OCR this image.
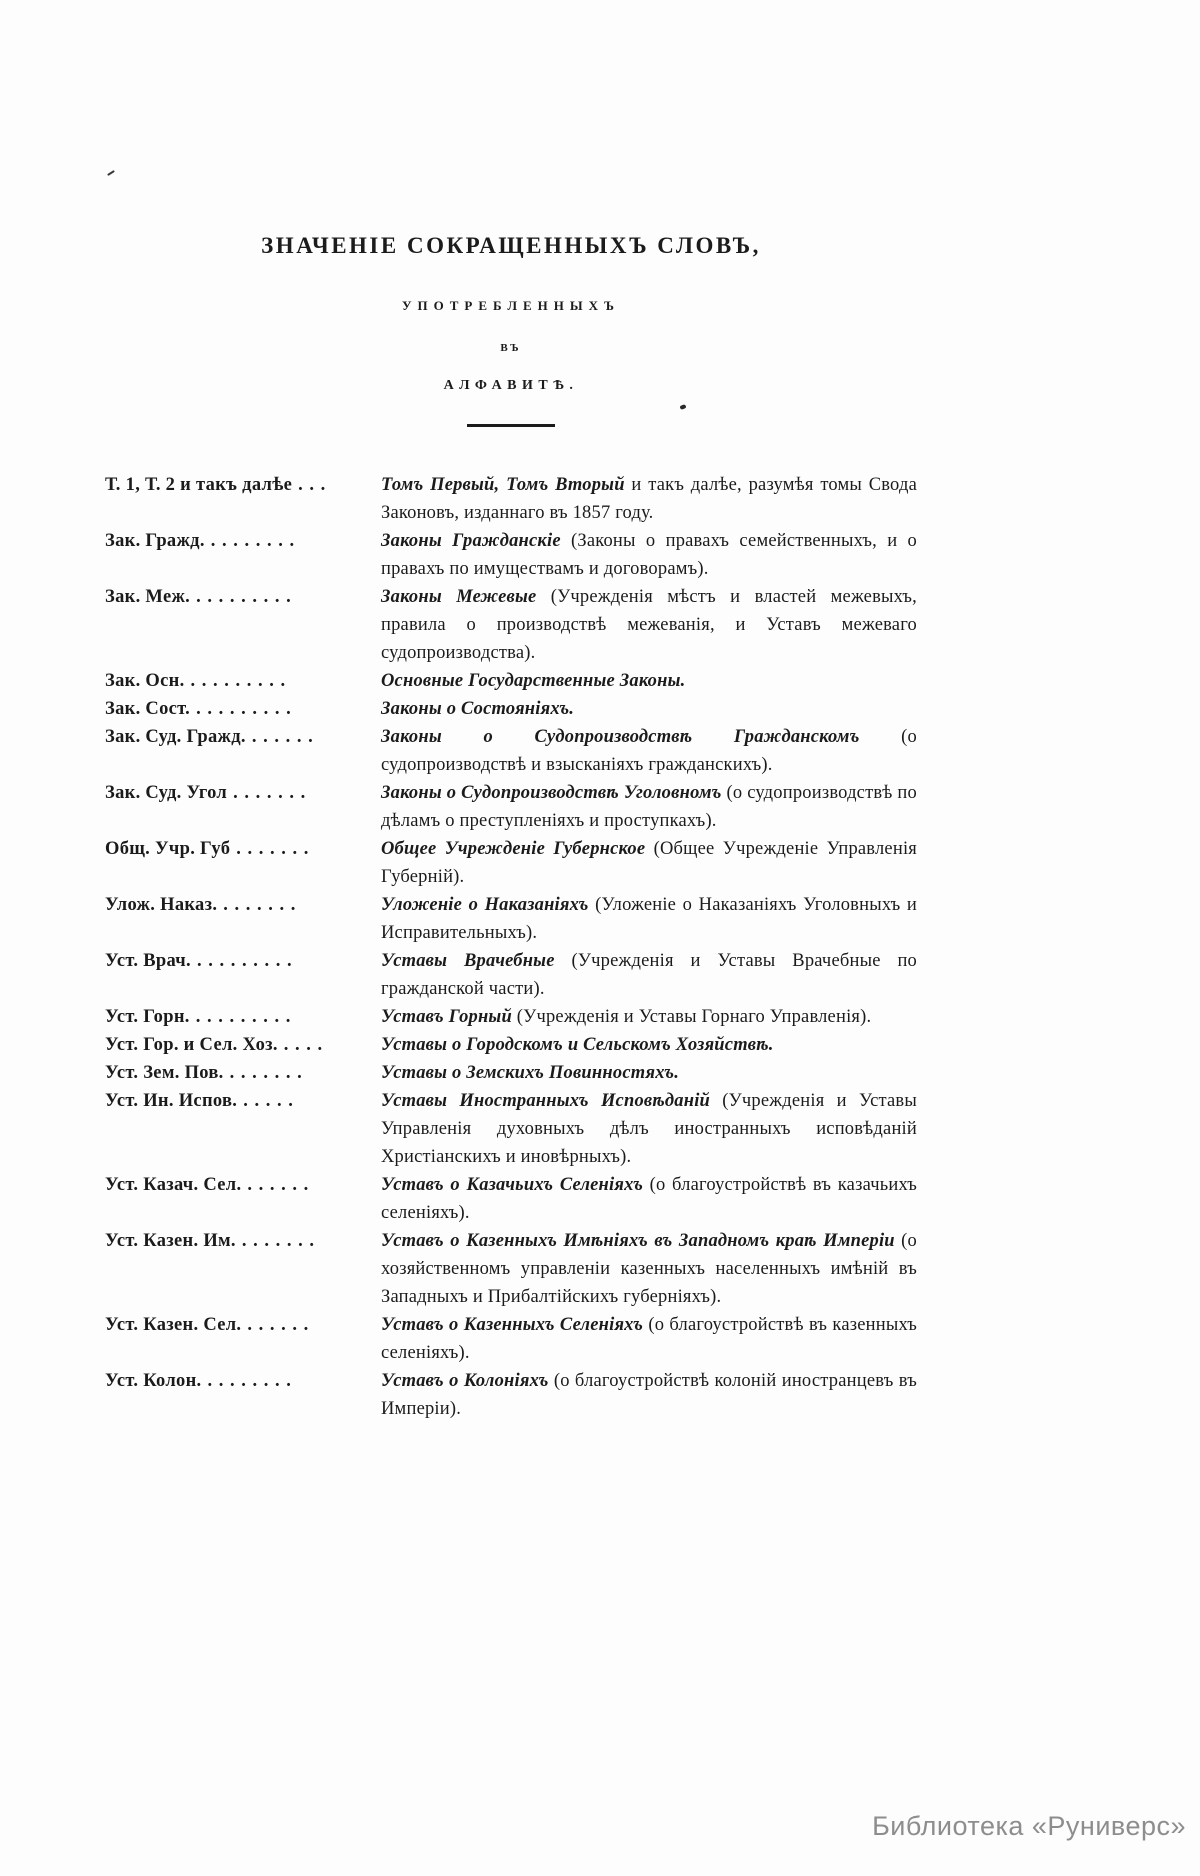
ЗНАЧЕНІЕ СОКРАЩЕННЫХЪ СЛОВЪ,
УПОТРЕБЛЕННЫХЪ
ВЪ
АЛФАВИТѢ.
Т. 1, Т. 2 и такъ далѣе . . .	Томъ Первый, Томъ Вторый и такъ далѣе, разумѣя томы Свода Законовъ, изданнаго въ 1857 году.
Зак. Гражд. . . . . . . . .	Законы Гражданскіе (Законы о правахъ семейственныхъ, и о правахъ по имуществамъ и договорамъ).
Зак. Меж. . . . . . . . . .	Законы Межевые (Учрежденія мѣстъ и властей межевыхъ, правила о производствѣ межеванія, и Уставъ межеваго судопроизводства).
Зак. Осн. . . . . . . . . .	Основные Государственные Законы.
Зак. Сост. . . . . . . . . .	Законы о Состояніяхъ.
Зак. Суд. Гражд. . . . . . .	Законы о Судопроизводствѣ Гражданскомъ (о судопроизводствѣ и взысканіяхъ гражданскихъ).
Зак. Суд. Угол . . . . . . .	Законы о Судопроизводствѣ Уголовномъ (о судопроизводствѣ по дѣламъ о преступленіяхъ и проступкахъ).
Общ. Учр. Губ . . . . . . .	Общее Учрежденіе Губернское (Общее Учрежденіе Управленія Губерній).
Улож. Наказ. . . . . . . .	Уложеніе о Наказаніяхъ (Уложеніе о Наказаніяхъ Уголовныхъ и Исправительныхъ).
Уст. Врач. . . . . . . . . .	Уставы Врачебные (Учрежденія и Уставы Врачебные по гражданской части).
Уст. Горн. . . . . . . . . .	Уставъ Горный (Учрежденія и Уставы Горнаго Управленія).
Уст. Гор. и Сел. Хоз. . . . .	Уставы о Городскомъ и Сельскомъ Хозяйствѣ.
Уст. Зем. Пов. . . . . . . .	Уставы о Земскихъ Повинностяхъ.
Уст. Ин. Испов. . . . . .	Уставы Иностранныхъ Исповѣданій (Учрежденія и Уставы Управленія духовныхъ дѣлъ иностранныхъ исповѣданій Христіанскихъ и иновѣрныхъ).
Уст. Казач. Сел. . . . . . .	Уставъ о Казачьихъ Селеніяхъ (о благоустройствѣ въ казачьихъ селеніяхъ).
Уст. Казен. Им. . . . . . . .	Уставъ о Казенныхъ Имѣніяхъ въ Западномъ краѣ Имперіи (о хозяйственномъ управленіи казенныхъ населенныхъ имѣній въ Западныхъ и Прибалтійскихъ губерніяхъ).
Уст. Казен. Сел. . . . . . .	Уставъ о Казенныхъ Селеніяхъ (о благоустройствѣ въ казенныхъ селеніяхъ).
Уст. Колон. . . . . . . . .	Уставъ о Колоніяхъ (о благоустройствѣ колоній иностранцевъ въ Имперіи).
Библиотека «Руниверс»
